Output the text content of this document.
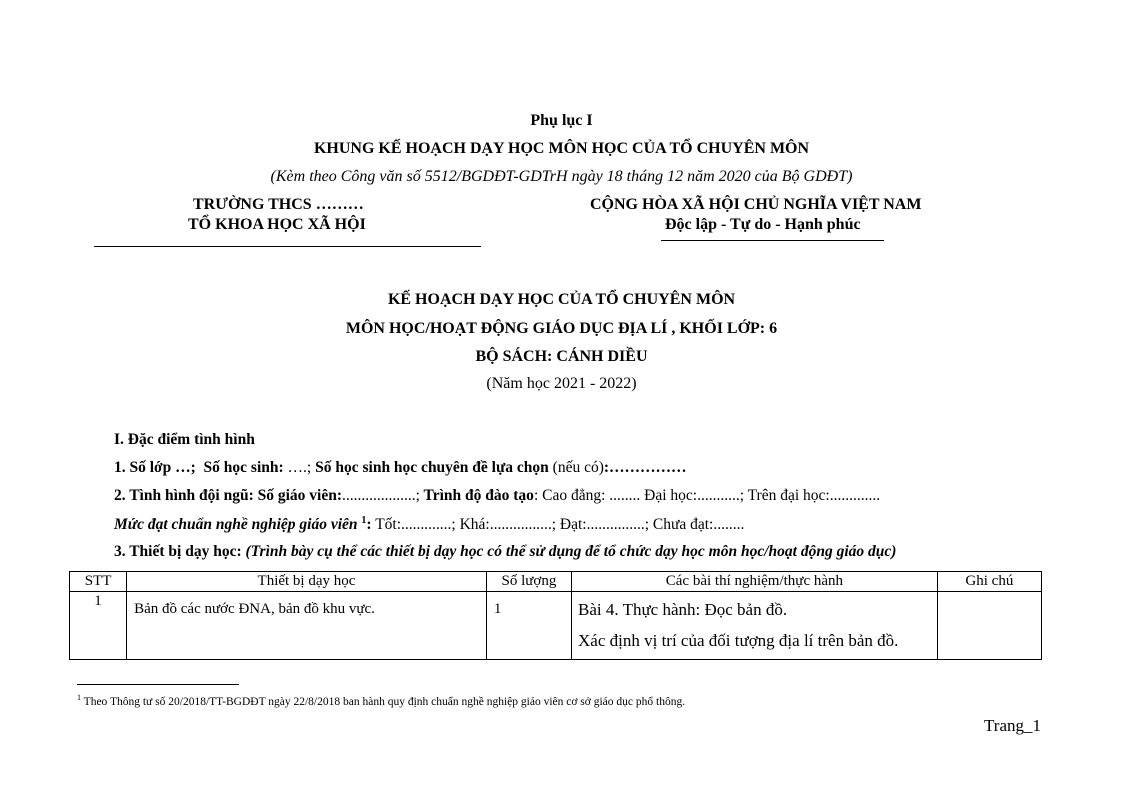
Phụ lục I
KHUNG KẾ HOẠCH DẠY HỌC MÔN HỌC CỦA TỔ CHUYÊN MÔN
(Kèm theo Công văn số 5512/BGDĐT-GDTrH ngày 18 tháng 12 năm 2020 của Bộ GDĐT)
TRƯỜNG THCS ………
TỔ KHOA HỌC XÃ HỘI
CỘNG HÒA XÃ HỘI CHỦ NGHĨA VIỆT NAM
Độc lập - Tự do - Hạnh phúc
KẾ HOẠCH DẠY HỌC CỦA TỔ CHUYÊN MÔN
MÔN HỌC/HOẠT ĐỘNG GIÁO DỤC ĐỊA LÍ , KHỐI LỚP: 6
BỘ SÁCH: CÁNH DIỀU
(Năm học 2021 - 2022)
I. Đặc điểm tình hình
1. Số lớp …; Số học sinh: ….; Số học sinh học chuyên đề lựa chọn (nếu có):……………
2. Tình hình đội ngũ: Số giáo viên:...................; Trình độ đào tạo: Cao đẳng: ........ Đại học:...........; Trên đại học:.............
Mức đạt chuẩn nghề nghiệp giáo viên $^1$: Tốt:.............; Khá:................; Đạt:...............; Chưa đạt:........
3. Thiết bị dạy học: (Trình bày cụ thể các thiết bị dạy học có thể sử dụng để tổ chức dạy học môn học/hoạt động giáo dục)
STT	Thiết bị dạy học	Số lượng	Các bài thí nghiệm/thực hành	Ghi chú
1	Bản đồ các nước ĐNA, bản đồ khu vực.	1	Bài 4. Thực hành: Đọc bản đồ.
Xác định vị trí của đối tượng địa lí trên bản đồ.	

$^1$ Theo Thông tư số 20/2018/TT-BGDĐT ngày 22/8/2018 ban hành quy định chuẩn nghề nghiệp giáo viên cơ sở giáo dục phổ thông.
Trang_1
